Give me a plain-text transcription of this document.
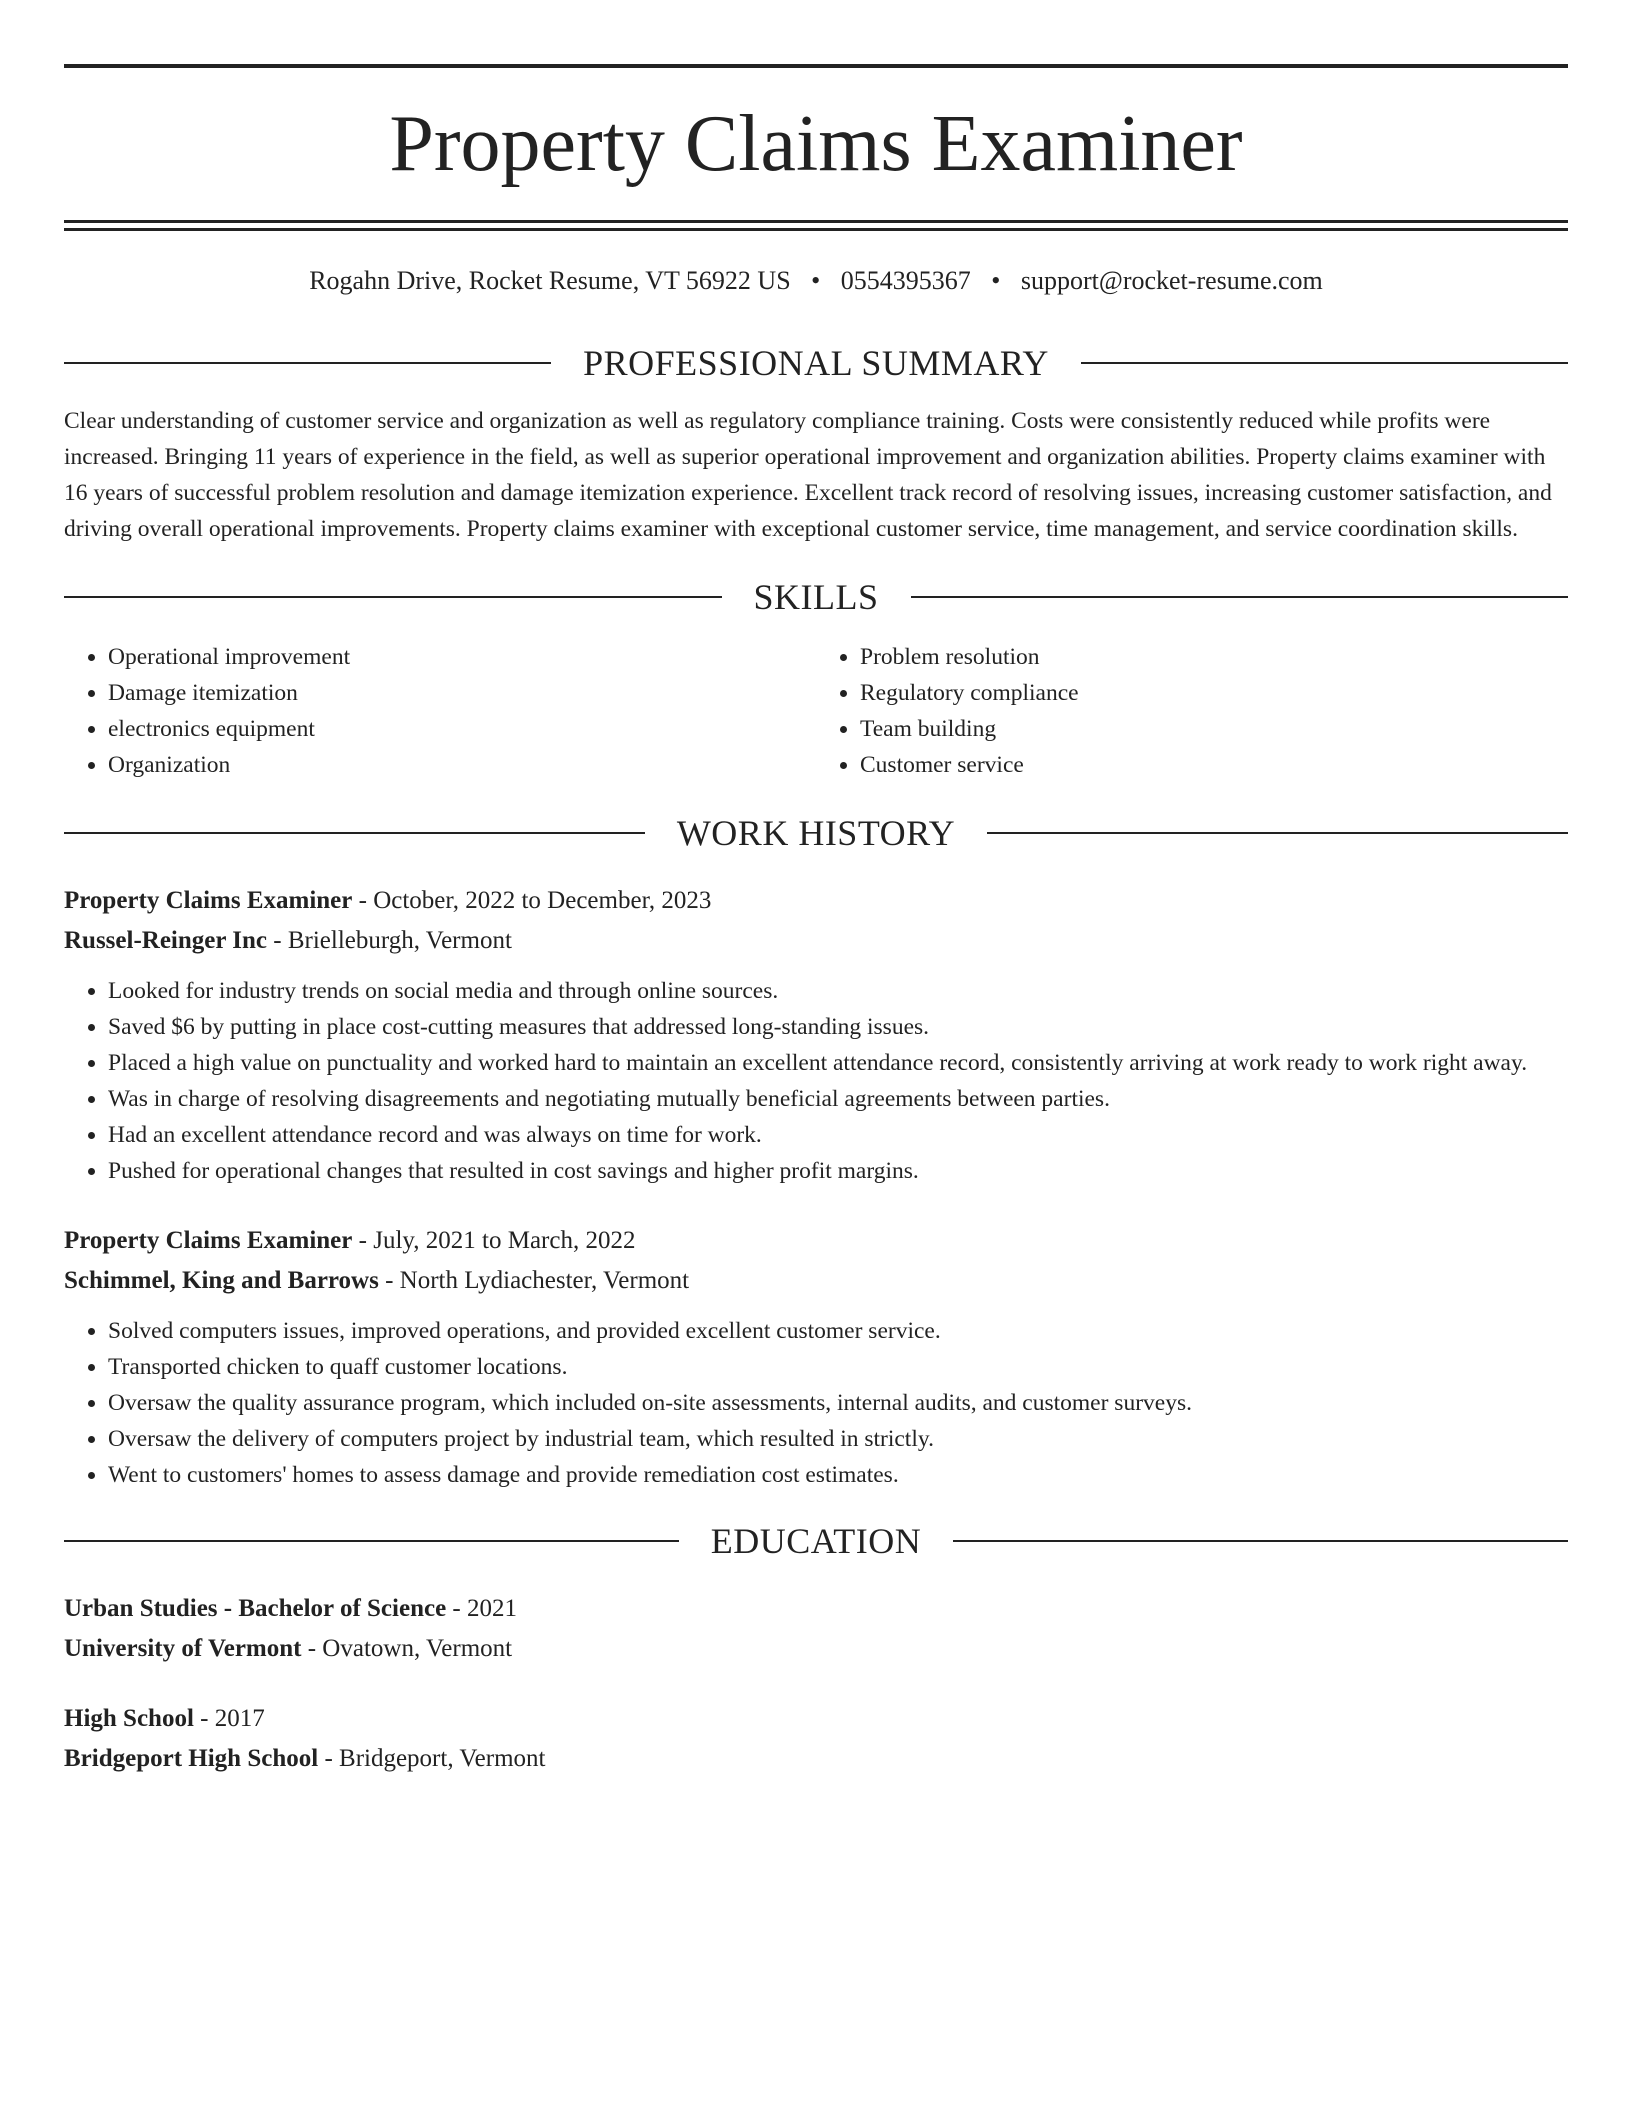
Property Claims Examiner
Rogahn Drive, Rocket Resume, VT 56922 US • 0554395367 • support@rocket-resume.com
PROFESSIONAL SUMMARY

Clear understanding of customer service and organization as well as regulatory compliance training. Costs were consistently reduced while profits were increased. Bringing 11 years of experience in the field, as well as superior operational improvement and organization abilities. Property claims examiner with 16 years of successful problem resolution and damage itemization experience. Excellent track record of resolving issues, increasing customer satisfaction, and driving overall operational improvements. Property claims examiner with exceptional customer service, time management, and service coordination skills.

SKILLS
• Operational improvement
• Damage itemization
• electronics equipment
• Organization
• Problem resolution
• Regulatory compliance
• Team building
• Customer service
WORK HISTORY
Property Claims Examiner - October, 2022 to December, 2023
Russel-Reinger Inc - Brielleburgh, Vermont
• Looked for industry trends on social media and through online sources.
• Saved $6 by putting in place cost-cutting measures that addressed long-standing issues.
• Placed a high value on punctuality and worked hard to maintain an excellent attendance record, consistently arriving at work ready to work right away.
• Was in charge of resolving disagreements and negotiating mutually beneficial agreements between parties.
• Had an excellent attendance record and was always on time for work.
• Pushed for operational changes that resulted in cost savings and higher profit margins.
Property Claims Examiner - July, 2021 to March, 2022
Schimmel, King and Barrows - North Lydiachester, Vermont
• Solved computers issues, improved operations, and provided excellent customer service.
• Transported chicken to quaff customer locations.
• Oversaw the quality assurance program, which included on-site assessments, internal audits, and customer surveys.
• Oversaw the delivery of computers project by industrial team, which resulted in strictly.
• Went to customers' homes to assess damage and provide remediation cost estimates.
EDUCATION
Urban Studies - Bachelor of Science - 2021
University of Vermont - Ovatown, Vermont
High School - 2017
Bridgeport High School - Bridgeport, Vermont
